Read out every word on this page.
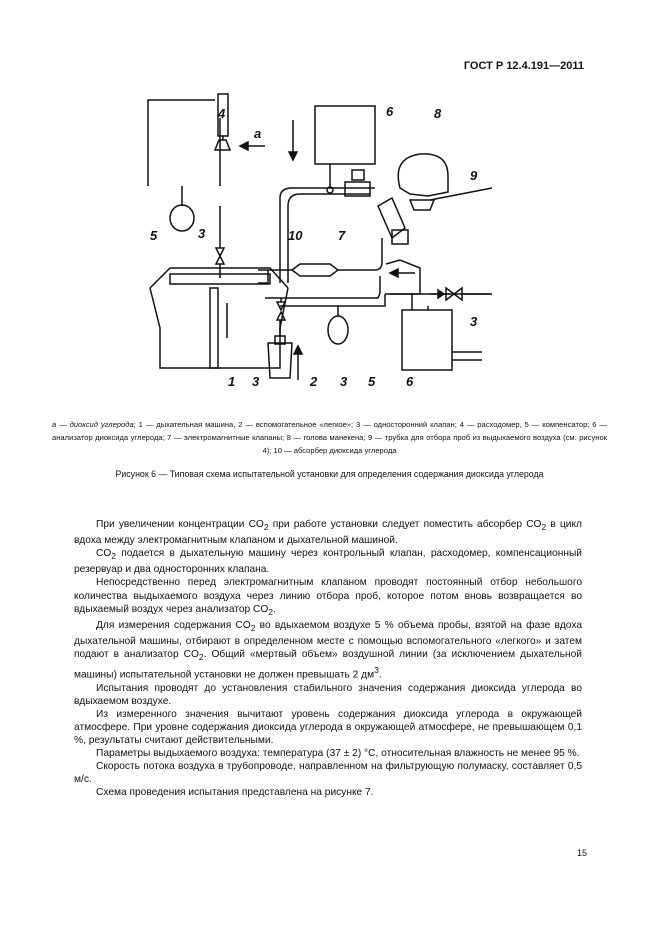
ГОСТ Р 12.4.191—2011
4
a
6	8
9
5	3	10	7
1 3	2 3 5
3
6
а — диоксид углерода; 1 — дыхательная машина, 2 — вспомогательное «легкое»; 3 — односторонний клапан; 4 — расходомер, 5 — компенсатор; 6 — анализатор диоксида углерода; 7 — электромагнитные клапаны; 8 — голова манекена; 9 — трубка для отбора проб из выдыхаемого воздуха (см. рисунок 4); 10 — абсорбер диоксида углерода
Рисунок 6 — Типовая схема испытательной установки для определения содержания диоксида углерода

При увеличении концентрации $CO_2$ при работе установки следует поместить абсорбер $CO_2$ в цикл вдоха между электромагнитным клапаном и дыхательной машиной.

$CO_2$ подается в дыхательную машину через контрольный клапан, расходомер, компенсационный резервуар и два односторонних клапана.

Непосредственно перед электромагнитным клапаном проводят постоянный отбор небольшого количества выдыхаемого воздуха через линию отбора проб, которое потом вновь возвращается во вдыхаемый воздух через анализатор $CO_2$.

Для измерения содержания $CO_2$ во вдыхаемом воздухе 5 % объема пробы, взятой на фазе вдоха дыхательной машины, отбирают в определенном месте с помощью вспомогательного «легкого» и затем подают в анализатор $CO_2$. Общий «мертвый объем» воздушной линии (за исключением дыхательной машины) испытательной установки не должен превышать 2 $дм^3$.

Испытания проводят до установления стабильного значения содержания диоксида углерода во вдыхаемом воздухе.

Из измеренного значения вычитают уровень содержания диоксида углерода в окружающей атмосфере. При уровне содержания диоксида углерода в окружающей атмосфере, не превышающем 0,1 %, результаты считают действительными.

Параметры выдыхаемого воздуха: температура (37 ± 2) °С, относительная влажность не менее 95 %.

Скорость потока воздуха в трубопроводе, направленном на фильтрующую полумаску, составляет 0,5 м/с.

Схема проведения испытания представлена на рисунке 7.

15
